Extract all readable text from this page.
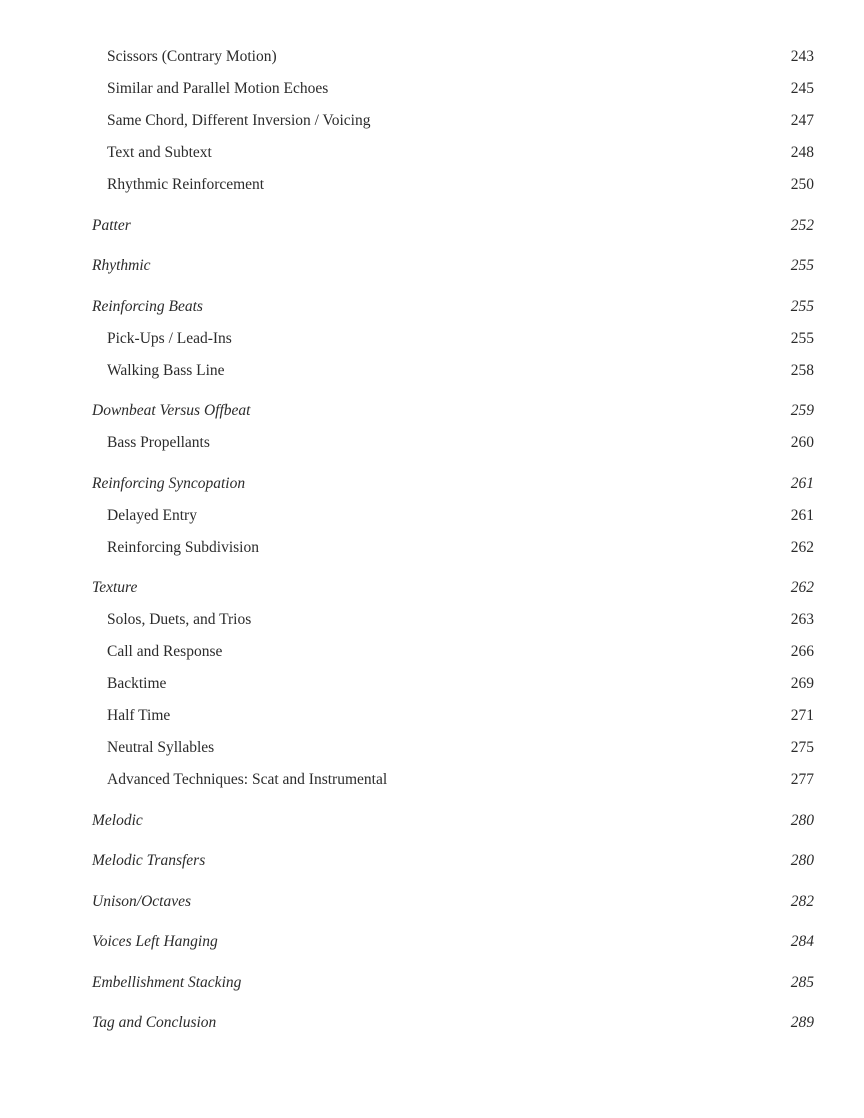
Scissors (Contrary Motion)	243
Similar and Parallel Motion Echoes	245
Same Chord, Different Inversion / Voicing	247
Text and Subtext	248
Rhythmic Reinforcement	250
Patter	252
Rhythmic	255
Reinforcing Beats	255
Pick-Ups / Lead-Ins	255
Walking Bass Line	258
Downbeat Versus Offbeat	259
Bass Propellants	260
Reinforcing Syncopation	261
Delayed Entry	261
Reinforcing Subdivision	262
Texture	262
Solos, Duets, and Trios	263
Call and Response	266
Backtime	269
Half Time	271
Neutral Syllables	275
Advanced Techniques: Scat and Instrumental	277
Melodic	280
Melodic Transfers	280
Unison/Octaves	282
Voices Left Hanging	284
Embellishment Stacking	285
Tag and Conclusion	289
